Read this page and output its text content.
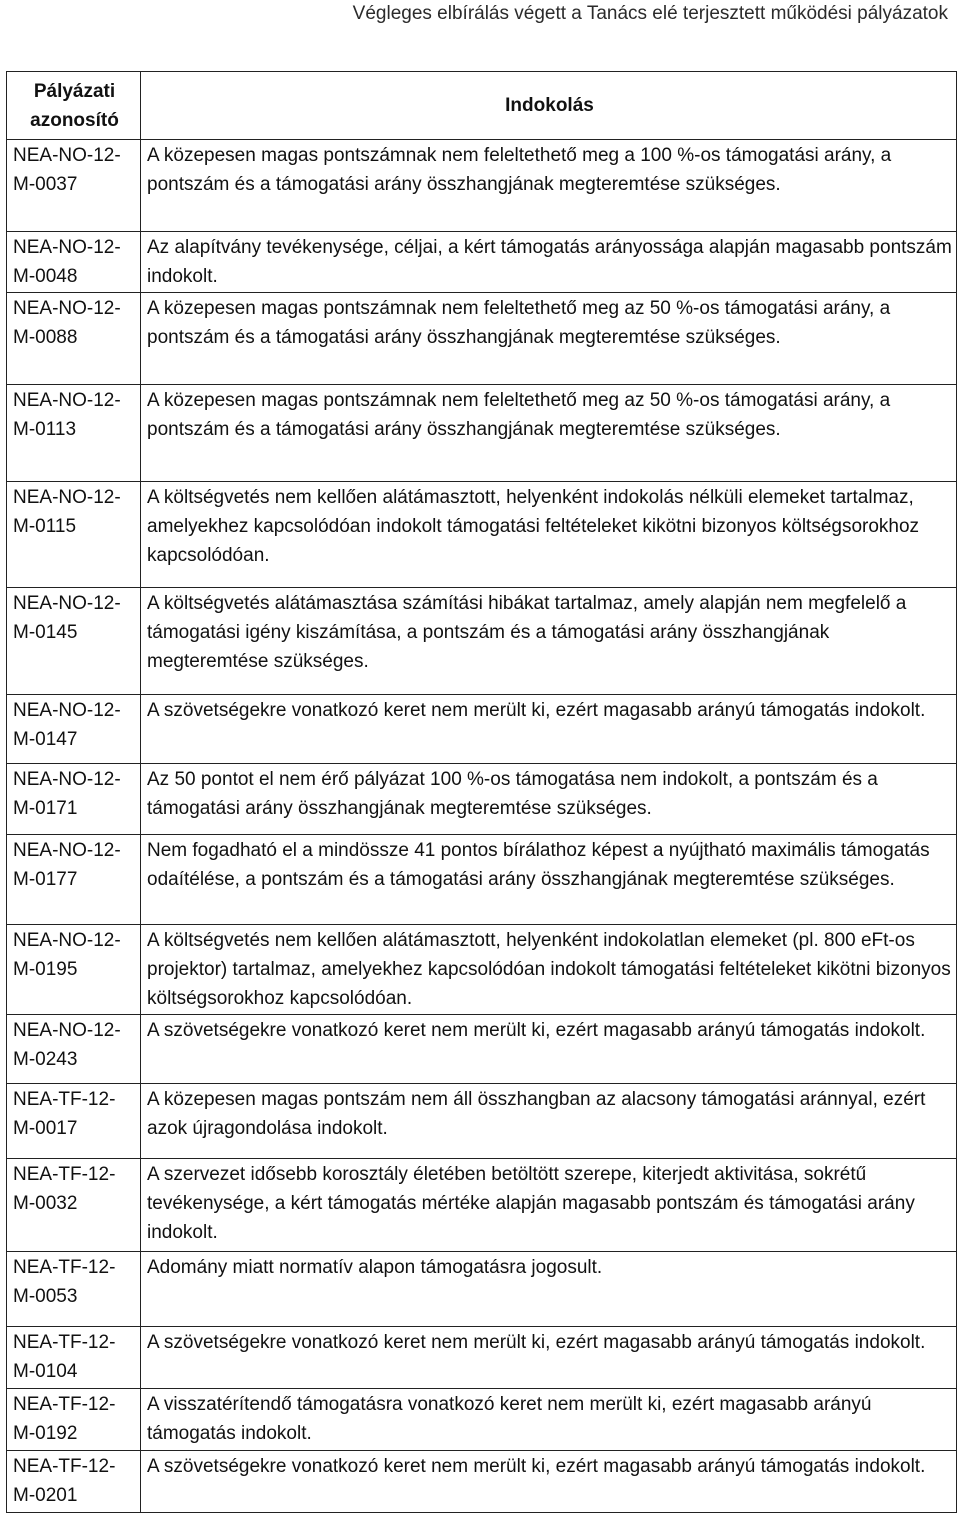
Végleges elbírálás végett a Tanács elé terjesztett működési pályázatok
Pályázati azonosító	Indokolás
NEA-NO-12-M-0037	A közepesen magas pontszámnak nem feleltethető meg a 100 %-os támogatási arány, a pontszám és a támogatási arány összhangjának megteremtése szükséges.
NEA-NO-12-M-0048	Az alapítvány tevékenysége, céljai, a kért támogatás arányossága alapján magasabb pontszám indokolt.
NEA-NO-12-M-0088	A közepesen magas pontszámnak nem feleltethető meg az 50 %-os támogatási arány, a pontszám és a támogatási arány összhangjának megteremtése szükséges.
NEA-NO-12-M-0113	A közepesen magas pontszámnak nem feleltethető meg az 50 %-os támogatási arány, a pontszám és a támogatási arány összhangjának megteremtése szükséges.
NEA-NO-12-M-0115	A költségvetés nem kellően alátámasztott, helyenként indokolás nélküli elemeket tartalmaz, amelyekhez kapcsolódóan indokolt támogatási feltételeket kikötni bizonyos költségsorokhoz kapcsolódóan.
NEA-NO-12-M-0145	A költségvetés alátámasztása számítási hibákat tartalmaz, amely alapján nem megfelelő a támogatási igény kiszámítása, a pontszám és a támogatási arány összhangjának megteremtése szükséges.
NEA-NO-12-M-0147	A szövetségekre vonatkozó keret nem merült ki, ezért magasabb arányú támogatás indokolt.
NEA-NO-12-M-0171	Az 50 pontot el nem érő pályázat 100 %-os támogatása nem indokolt, a pontszám és a támogatási arány összhangjának megteremtése szükséges.
NEA-NO-12-M-0177	Nem fogadható el a mindössze 41 pontos bírálathoz képest a nyújtható maximális támogatás odaítélése, a pontszám és a támogatási arány összhangjának megteremtése szükséges.
NEA-NO-12-M-0195	A költségvetés nem kellően alátámasztott, helyenként indokolatlan elemeket (pl. 800 eFt-os projektor) tartalmaz, amelyekhez kapcsolódóan indokolt támogatási feltételeket kikötni bizonyos költségsorokhoz kapcsolódóan.
NEA-NO-12-M-0243	A szövetségekre vonatkozó keret nem merült ki, ezért magasabb arányú támogatás indokolt.
NEA-TF-12-M-0017	A közepesen magas pontszám nem áll összhangban az alacsony támogatási aránnyal, ezért azok újragondolása indokolt.
NEA-TF-12-M-0032	A szervezet idősebb korosztály életében betöltött szerepe, kiterjedt aktivitása, sokrétű tevékenysége, a kért támogatás mértéke alapján magasabb pontszám és támogatási arány indokolt.
NEA-TF-12-M-0053	Adomány miatt normatív alapon támogatásra jogosult.
NEA-TF-12-M-0104	A szövetségekre vonatkozó keret nem merült ki, ezért magasabb arányú támogatás indokolt.
NEA-TF-12-M-0192	A visszatérítendő támogatásra vonatkozó keret nem merült ki, ezért magasabb arányú támogatás indokolt.
NEA-TF-12-M-0201	A szövetségekre vonatkozó keret nem merült ki, ezért magasabb arányú támogatás indokolt.
